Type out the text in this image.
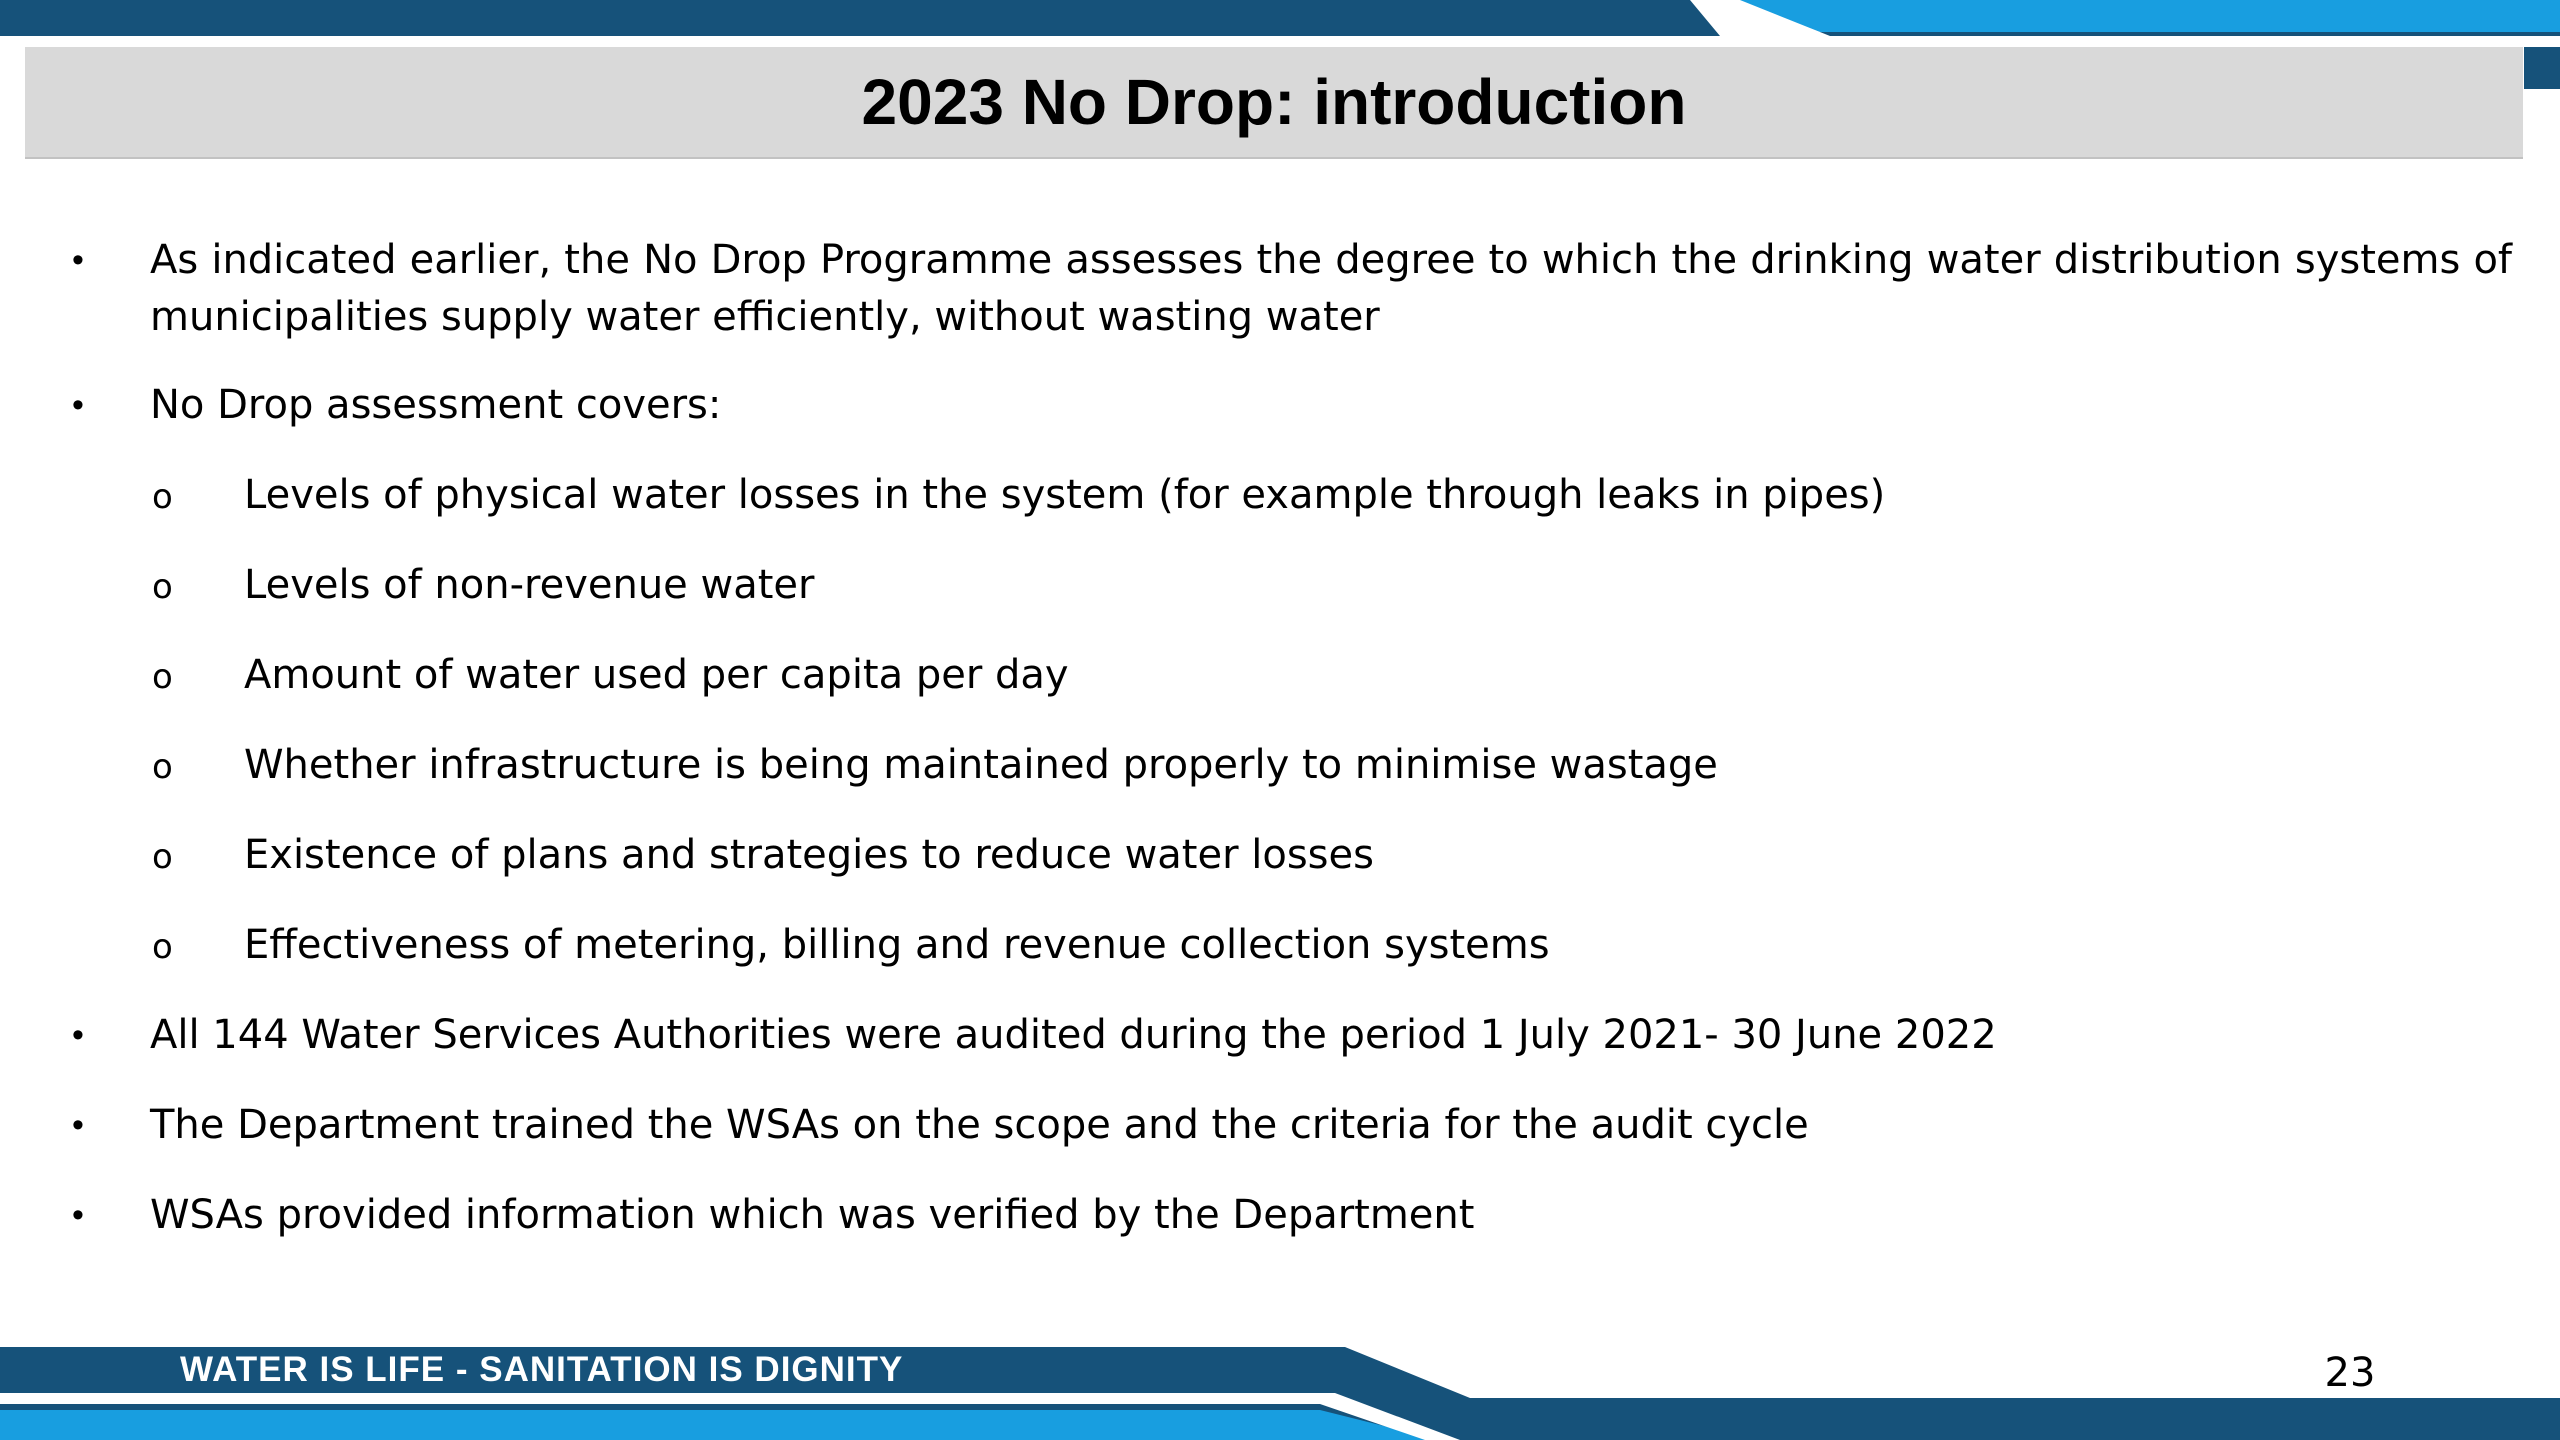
2023 No Drop: introduction
• As indicated earlier, the No Drop Programme assesses the degree to which the drinking water distribution systems of municipalities supply water efficiently, without wasting water
• No Drop assessment covers:
o Levels of physical water losses in the system (for example through leaks in pipes)
o Levels of non-revenue water
o Amount of water used per capita per day
o Whether infrastructure is being maintained properly to minimise wastage
o Existence of plans and strategies to reduce water losses
o Effectiveness of metering, billing and revenue collection systems
• All 144 Water Services Authorities were audited during the period 1 July 2021- 30 June 2022
• The Department trained the WSAs on the scope and the criteria for the audit cycle
• WSAs provided information which was verified by the Department
WATER IS LIFE - SANITATION IS DIGNITY	23
